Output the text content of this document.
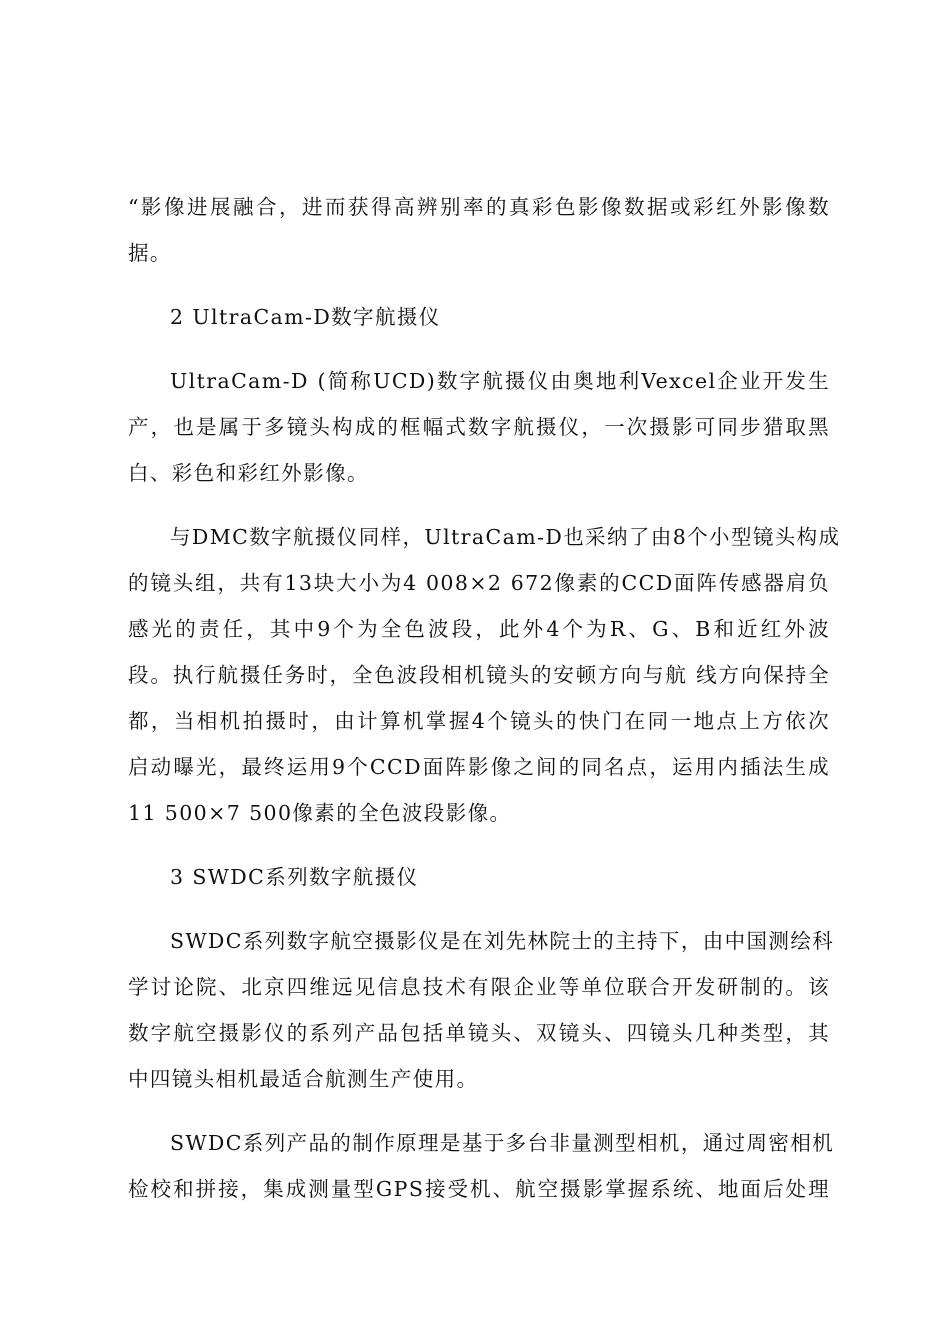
“影像进展融合，进而获得高辨别率的真彩色影像数据或彩红外影像数
据。
2 UltraCam-D数字航摄仪
UltraCam-D (简称UCD)数字航摄仪由奥地利Vexcel企业开发生
产，也是属于多镜头构成的框幅式数字航摄仪，一次摄影可同步猎取黑
白、彩色和彩红外影像。
与DMC数字航摄仪同样，UltraCam-D也采纳了由8个小型镜头构成
的镜头组，共有13块大小为4 008×2 672像素的CCD面阵传感器肩负
感光的责任，其中9个为全色波段，此外4个为R、G、B和近红外波
段。执行航摄任务时，全色波段相机镜头的安顿方向与航 线方向保持全
都，当相机拍摄时，由计算机掌握4个镜头的快门在同一地点上方依次
启动曝光，最终运用9个CCD面阵影像之间的同名点，运用内插法生成
11 500×7 500像素的全色波段影像。
3 SWDC系列数字航摄仪
SWDC系列数字航空摄影仪是在刘先林院士的主持下，由中国测绘科
学讨论院、北京四维远见信息技术有限企业等单位联合开发研制的。该
数字航空摄影仪的系列产品包括单镜头、双镜头、四镜头几种类型，其
中四镜头相机最适合航测生产使用。
SWDC系列产品的制作原理是基于多台非量测型相机，通过周密相机
检校和拼接，集成测量型GPS接受机、航空摄影掌握系统、地面后处理
